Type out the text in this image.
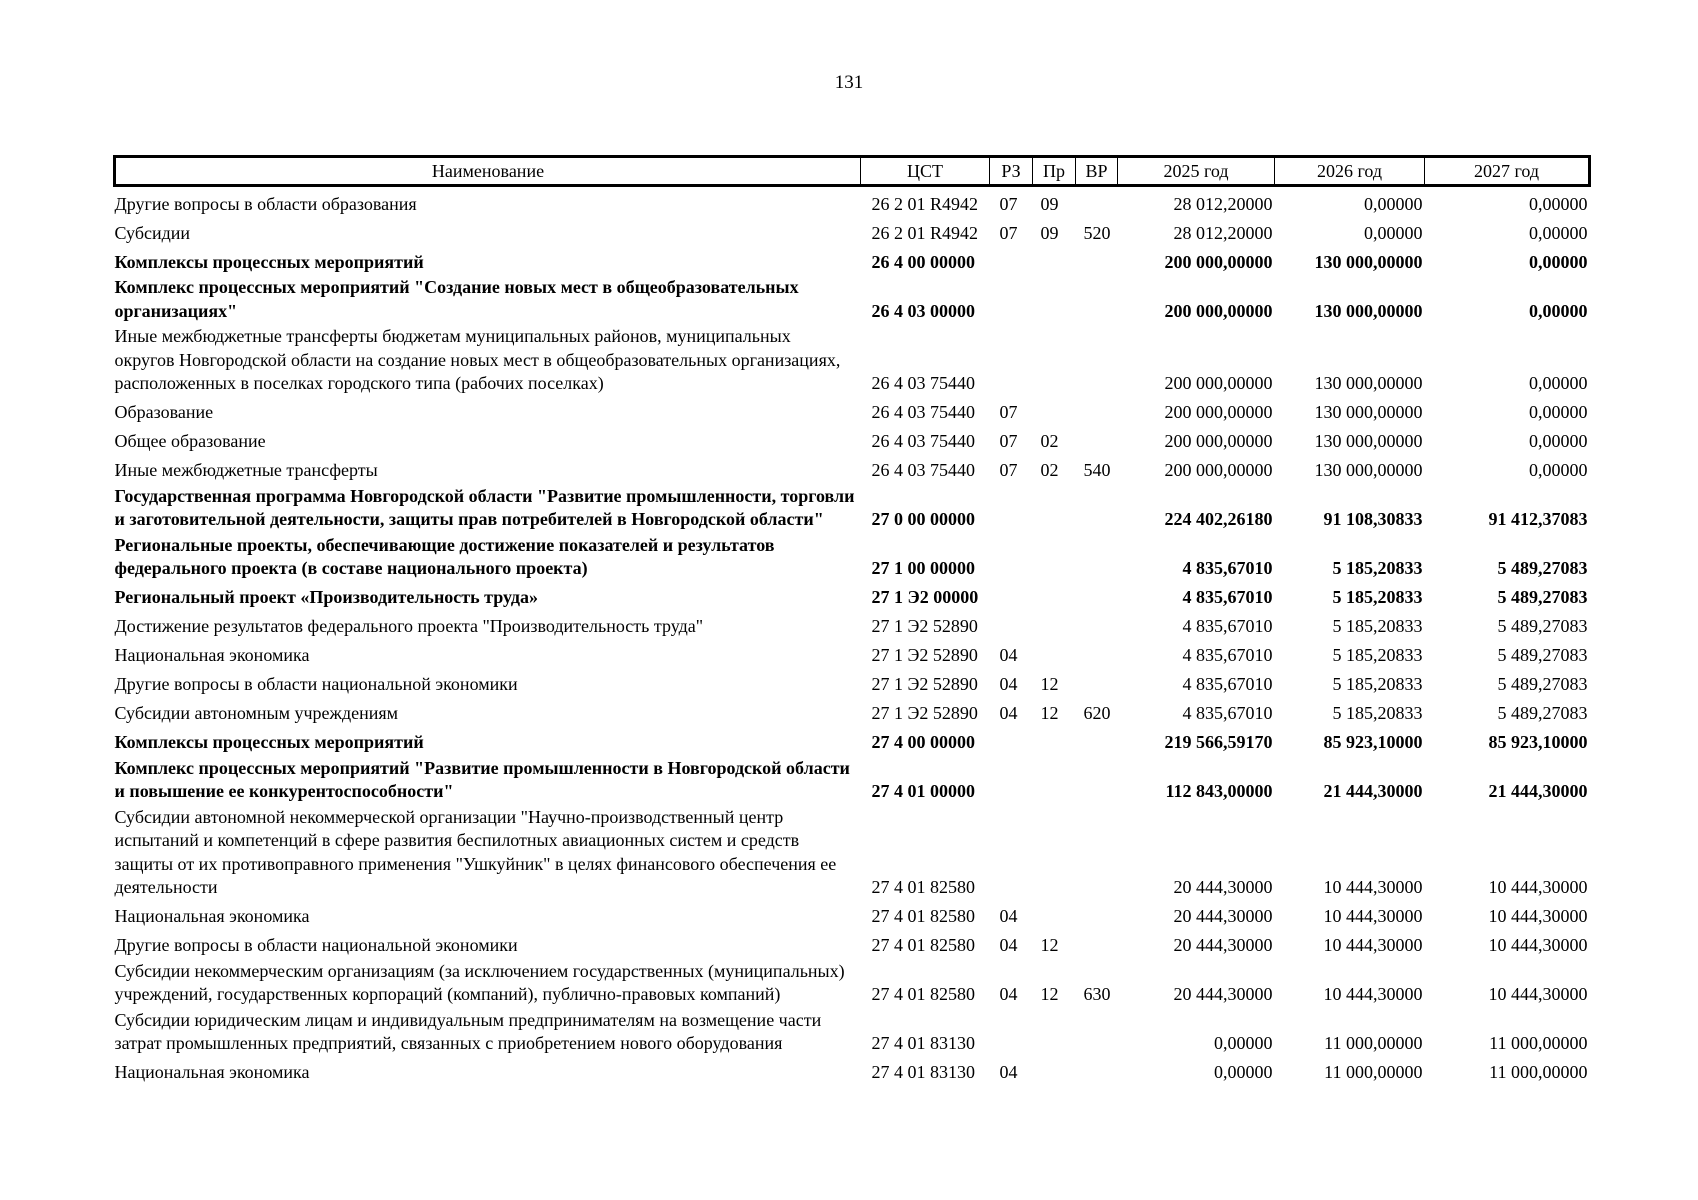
131
Наименование	ЦСТ	РЗ	Пр	ВР	2025 год	2026 год	2027 год
Другие вопросы в области образования	26 2 01 R4942	07	09		28 012,20000	0,00000	0,00000
Субсидии	26 2 01 R4942	07	09	520	28 012,20000	0,00000	0,00000
Комплексы процессных мероприятий	26 4 00 00000				200 000,00000	130 000,00000	0,00000
Комплекс процессных мероприятий "Создание новых мест в общеобразовательных организациях"	26 4 03 00000				200 000,00000	130 000,00000	0,00000
Иные межбюджетные трансферты бюджетам муниципальных районов, муниципальных округов Новгородской области на создание новых мест в общеобразовательных организациях, расположенных в поселках городского типа (рабочих поселках)	26 4 03 75440				200 000,00000	130 000,00000	0,00000
Образование	26 4 03 75440	07			200 000,00000	130 000,00000	0,00000
Общее образование	26 4 03 75440	07	02		200 000,00000	130 000,00000	0,00000
Иные межбюджетные трансферты	26 4 03 75440	07	02	540	200 000,00000	130 000,00000	0,00000
Государственная программа Новгородской области "Развитие промышленности, торговли и заготовительной деятельности, защиты прав потребителей в Новгородской области"	27 0 00 00000				224 402,26180	91 108,30833	91 412,37083
Региональные проекты, обеспечивающие достижение показателей и результатов федерального проекта (в составе национального проекта)	27 1 00 00000				4 835,67010	5 185,20833	5 489,27083
Региональный проект «Производительность труда»	27 1 Э2 00000				4 835,67010	5 185,20833	5 489,27083
Достижение результатов федерального проекта "Производительность труда"	27 1 Э2 52890				4 835,67010	5 185,20833	5 489,27083
Национальная экономика	27 1 Э2 52890	04			4 835,67010	5 185,20833	5 489,27083
Другие вопросы в области национальной экономики	27 1 Э2 52890	04	12		4 835,67010	5 185,20833	5 489,27083
Субсидии автономным учреждениям	27 1 Э2 52890	04	12	620	4 835,67010	5 185,20833	5 489,27083
Комплексы процессных мероприятий	27 4 00 00000				219 566,59170	85 923,10000	85 923,10000
Комплекс процессных мероприятий "Развитие промышленности в Новгородской области и повышение ее конкурентоспособности"	27 4 01 00000				112 843,00000	21 444,30000	21 444,30000
Субсидии автономной некоммерческой организации "Научно-производственный центр испытаний и компетенций в сфере развития беспилотных авиационных систем и средств защиты от их противоправного применения "Ушкуйник" в целях финансового обеспечения ее деятельности	27 4 01 82580				20 444,30000	10 444,30000	10 444,30000
Национальная экономика	27 4 01 82580	04			20 444,30000	10 444,30000	10 444,30000
Другие вопросы в области национальной экономики	27 4 01 82580	04	12		20 444,30000	10 444,30000	10 444,30000
Субсидии некоммерческим организациям (за исключением государственных (муниципальных) учреждений, государственных корпораций (компаний), публично-правовых компаний)	27 4 01 82580	04	12	630	20 444,30000	10 444,30000	10 444,30000
Субсидии юридическим лицам и индивидуальным предпринимателям на возмещение части затрат промышленных предприятий, связанных с приобретением нового оборудования	27 4 01 83130				0,00000	11 000,00000	11 000,00000
Национальная экономика	27 4 01 83130	04			0,00000	11 000,00000	11 000,00000
